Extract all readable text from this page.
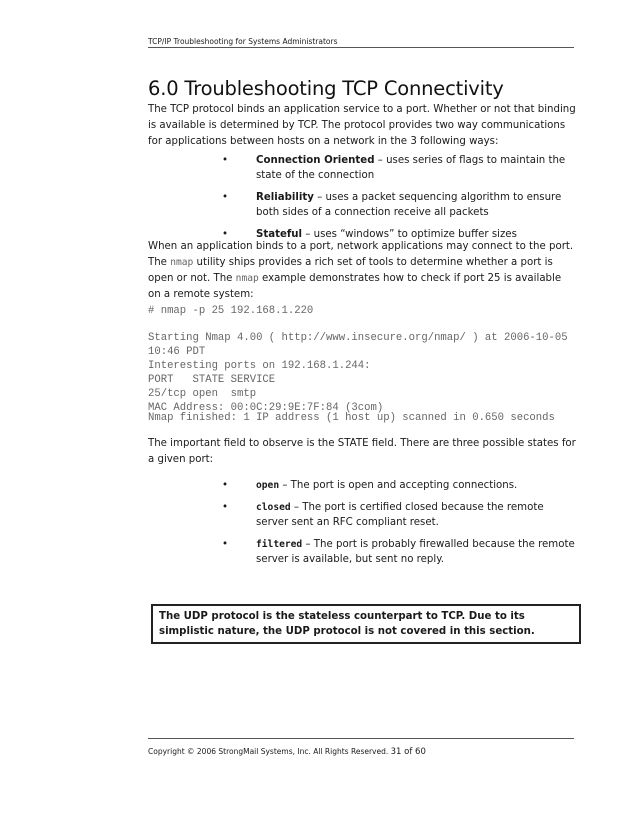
TCP/IP Troubleshooting for Systems Administrators
6.0 Troubleshooting TCP Connectivity

The TCP protocol binds an application service to a port. Whether or not that binding is available is determined by TCP. The protocol provides two way communications for applications between hosts on a network in the 3 following ways:

•	Connection Oriented – uses series of flags to maintain the state of the connection
•	Reliability – uses a packet sequencing algorithm to ensure both sides of a connection receive all packets
•	Stateful – uses “windows” to optimize buffer sizes

When an application binds to a port, network applications may connect to the port. The nmap utility ships provides a rich set of tools to determine whether a port is open or not. The nmap example demonstrates how to check if port 25 is available on a remote system:

# nmap -p 25 192.168.1.220
Starting Nmap 4.00 ( http://www.insecure.org/nmap/ ) at 2006-10-05 10:46 PDT
Interesting ports on 192.168.1.244:
PORT   STATE SERVICE
25/tcp open  smtp
MAC Address: 00:0C:29:9E:7F:84 (3com)
Nmap finished: 1 IP address (1 host up) scanned in 0.650 seconds

The important field to observe is the STATE field. There are three possible states for a given port:

•	open – The port is open and accepting connections.
•	closed – The port is certified closed because the remote server sent an RFC compliant reset.
•	filtered – The port is probably firewalled because the remote server is available, but sent no reply.
The UDP protocol is the stateless counterpart to TCP. Due to its simplistic nature, the UDP protocol is not covered in this section.
Copyright © 2006 StrongMail Systems, Inc. All Rights Reserved. 31 of 60
